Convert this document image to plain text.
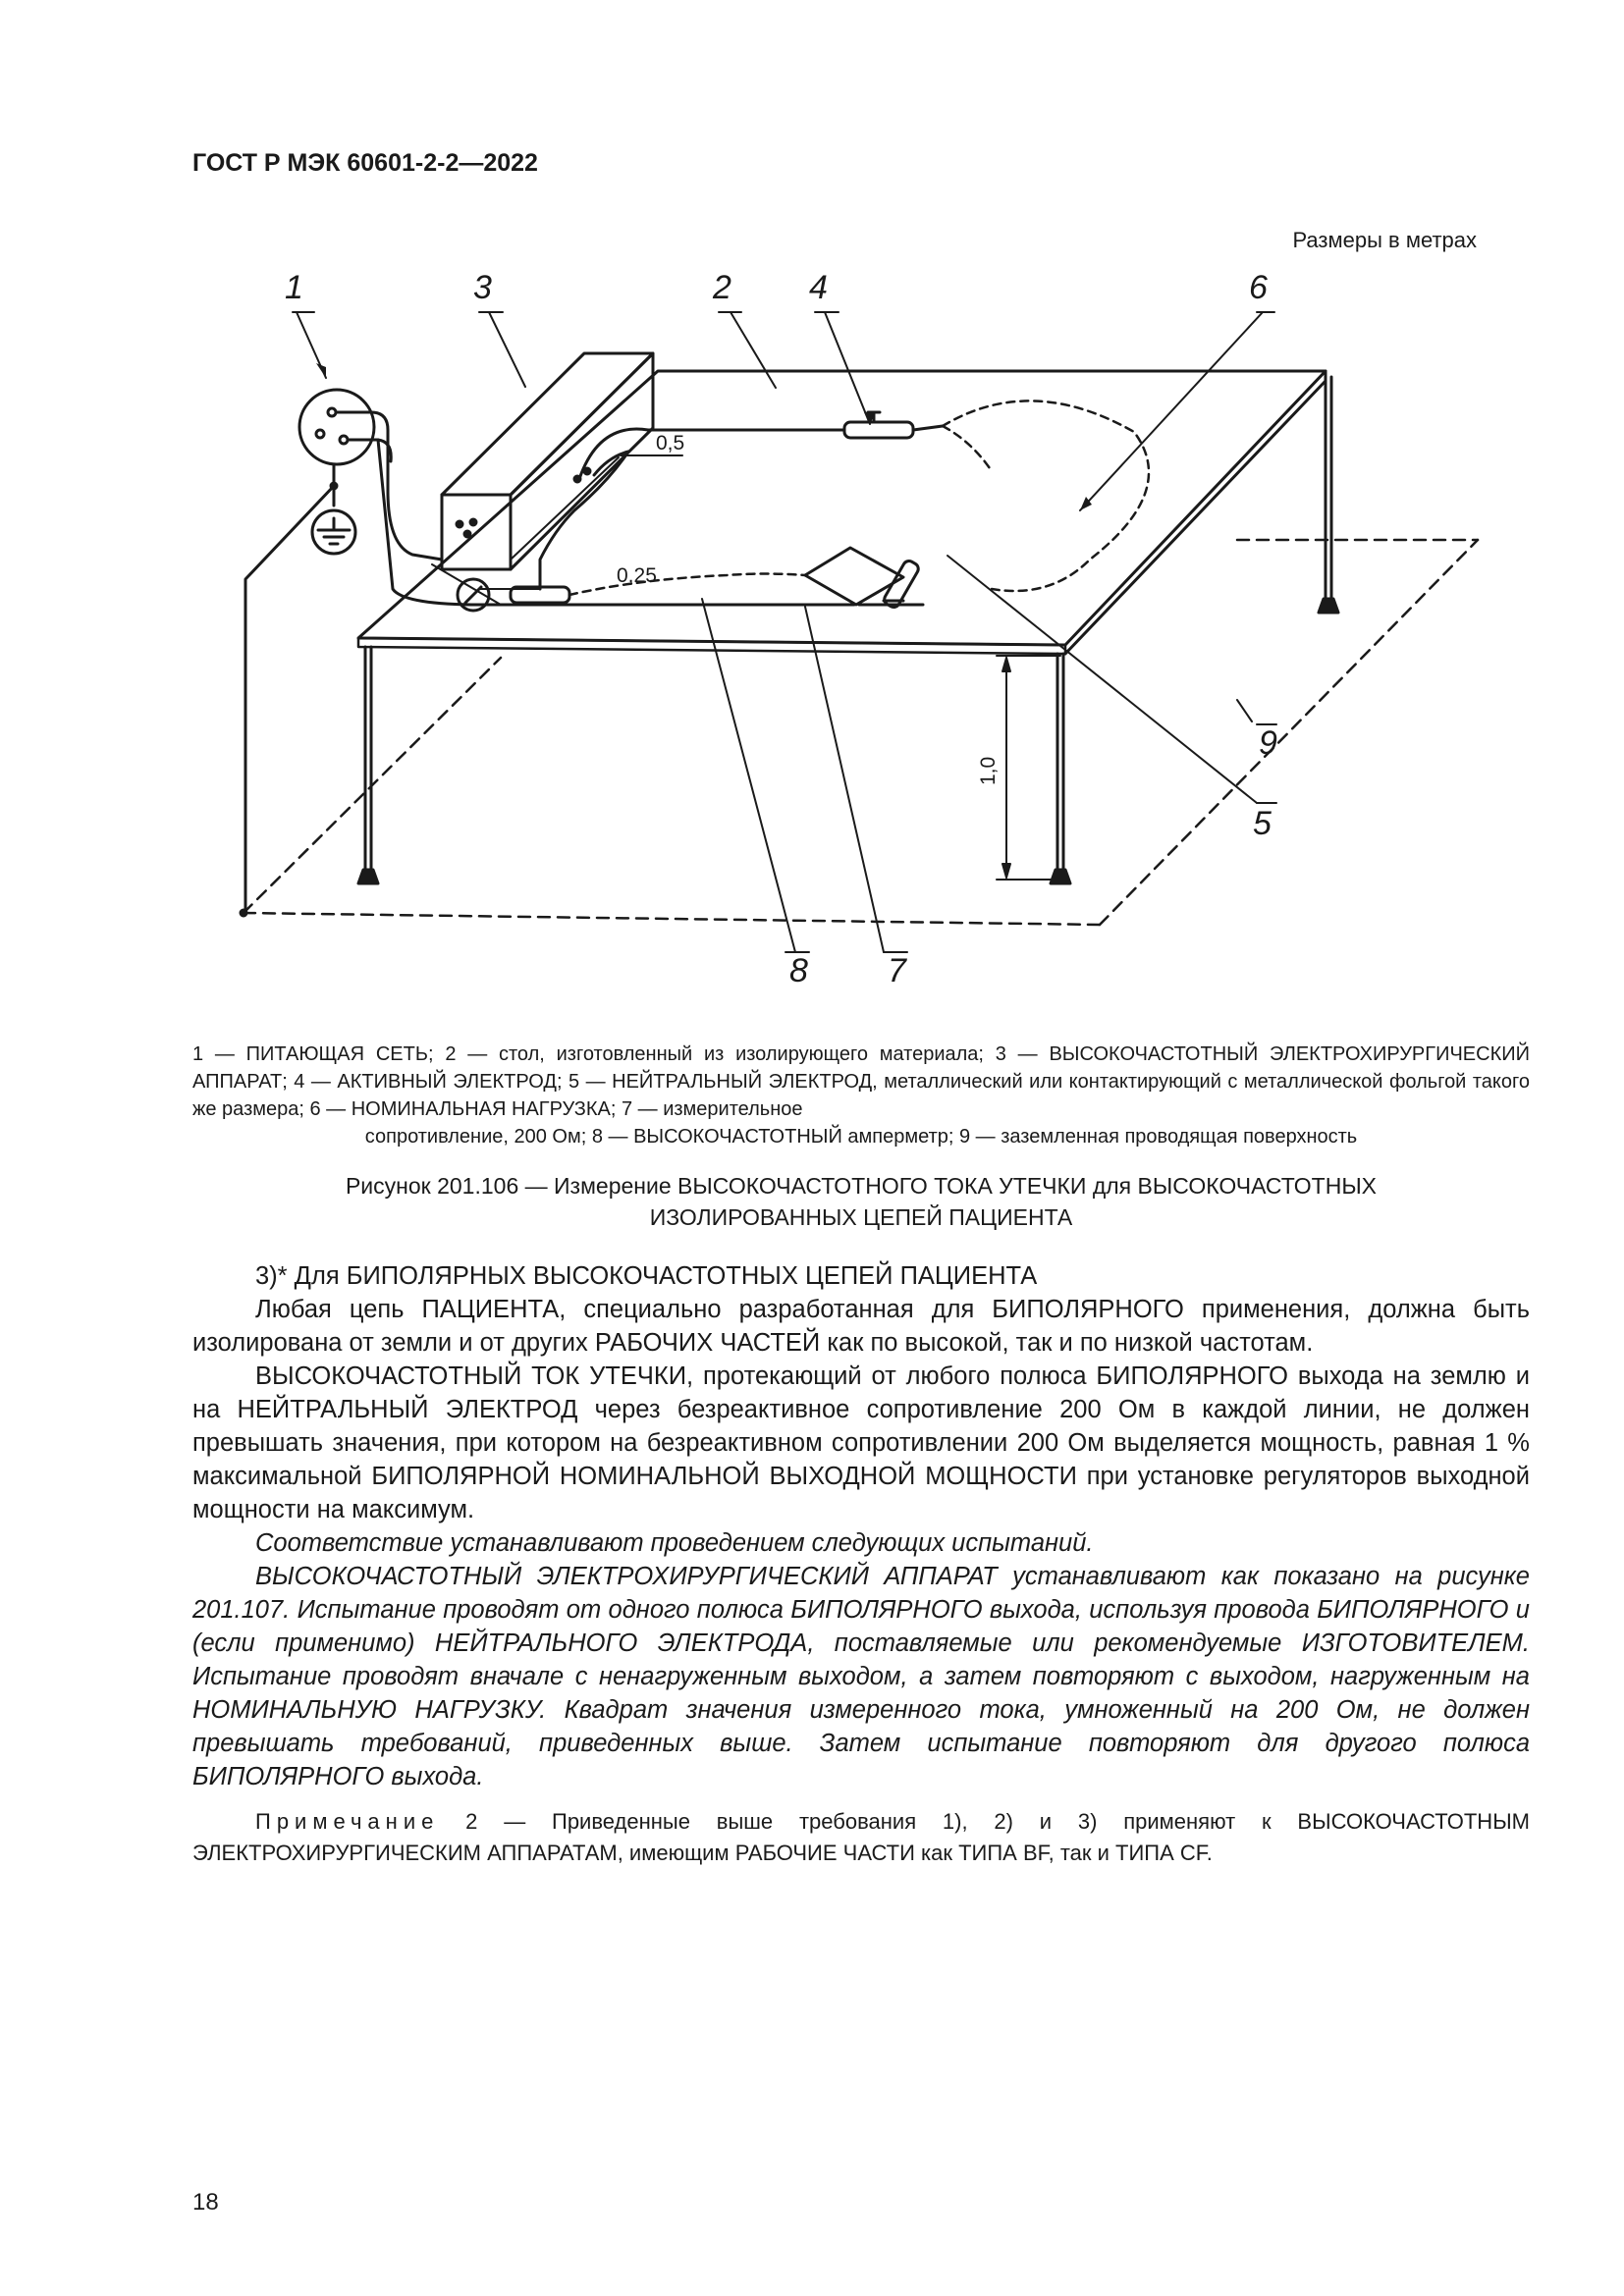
ГОСТ Р МЭК 60601-2-2—2022
Размеры в метрах
1	3	2 4	6
9
5
8 7
0,5
0,25
1,0
1 — ПИТАЮЩАЯ СЕТЬ; 2 — стол, изготовленный из изолирующего материала; 3 — ВЫСОКОЧАСТОТНЫЙ ЭЛЕКТРОХИРУРГИЧЕСКИЙ АППАРАТ; 4 — АКТИВНЫЙ ЭЛЕКТРОД; 5 — НЕЙТРАЛЬНЫЙ ЭЛЕКТРОД, металлический или контактирующий с металлической фольгой такого же размера; 6 — НОМИНАЛЬНАЯ НАГРУЗКА; 7 — измерительное
сопротивление, 200 Ом; 8 — ВЫСОКОЧАСТОТНЫЙ амперметр; 9 — заземленная проводящая поверхность
Рисунок 201.106 — Измерение ВЫСОКОЧАСТОТНОГО ТОКА УТЕЧКИ для ВЫСОКОЧАСТОТНЫХ
ИЗОЛИРОВАННЫХ ЦЕПЕЙ ПАЦИЕНТА

3)* Для БИПОЛЯРНЫХ ВЫСОКОЧАСТОТНЫХ ЦЕПЕЙ ПАЦИЕНТА

Любая цепь ПАЦИЕНТА, специально разработанная для БИПОЛЯРНОГО применения, должна быть изолирована от земли и от других РАБОЧИХ ЧАСТЕЙ как по высокой, так и по низкой частотам.

ВЫСОКОЧАСТОТНЫЙ ТОК УТЕЧКИ, протекающий от любого полюса БИПОЛЯРНОГО выхода на землю и на НЕЙТРАЛЬНЫЙ ЭЛЕКТРОД через безреактивное сопротивление 200 Ом в каждой линии, не должен превышать значения, при котором на безреактивном сопротивлении 200 Ом выделяется мощность, равная 1 % максимальной БИПОЛЯРНОЙ НОМИНАЛЬНОЙ ВЫХОДНОЙ МОЩНОСТИ при установке регуляторов выходной мощности на максимум.

Соответствие устанавливают проведением следующих испытаний.

ВЫСОКОЧАСТОТНЫЙ ЭЛЕКТРОХИРУРГИЧЕСКИЙ АППАРАТ устанавливают как показано на рисунке 201.107. Испытание проводят от одного полюса БИПОЛЯРНОГО выхода, используя провода БИПОЛЯРНОГО и (если применимо) НЕЙТРАЛЬНОГО ЭЛЕКТРОДА, поставляемые или рекомендуемые ИЗГОТОВИТЕЛЕМ. Испытание проводят вначале с ненагруженным выходом, а затем повторяют с выходом, нагруженным на НОМИНАЛЬНУЮ НАГРУЗКУ. Квадрат значения измеренного тока, умноженный на 200 Ом, не должен превышать требований, приведенных выше. Затем испытание повторяют для другого полюса БИПОЛЯРНОГО выхода.

Примечание 2 — Приведенные выше требования 1), 2) и 3) применяют к ВЫСОКОЧАСТОТНЫМ ЭЛЕКТРОХИРУРГИЧЕСКИМ АППАРАТАМ, имеющим РАБОЧИЕ ЧАСТИ как ТИПА BF, так и ТИПА CF.
18
